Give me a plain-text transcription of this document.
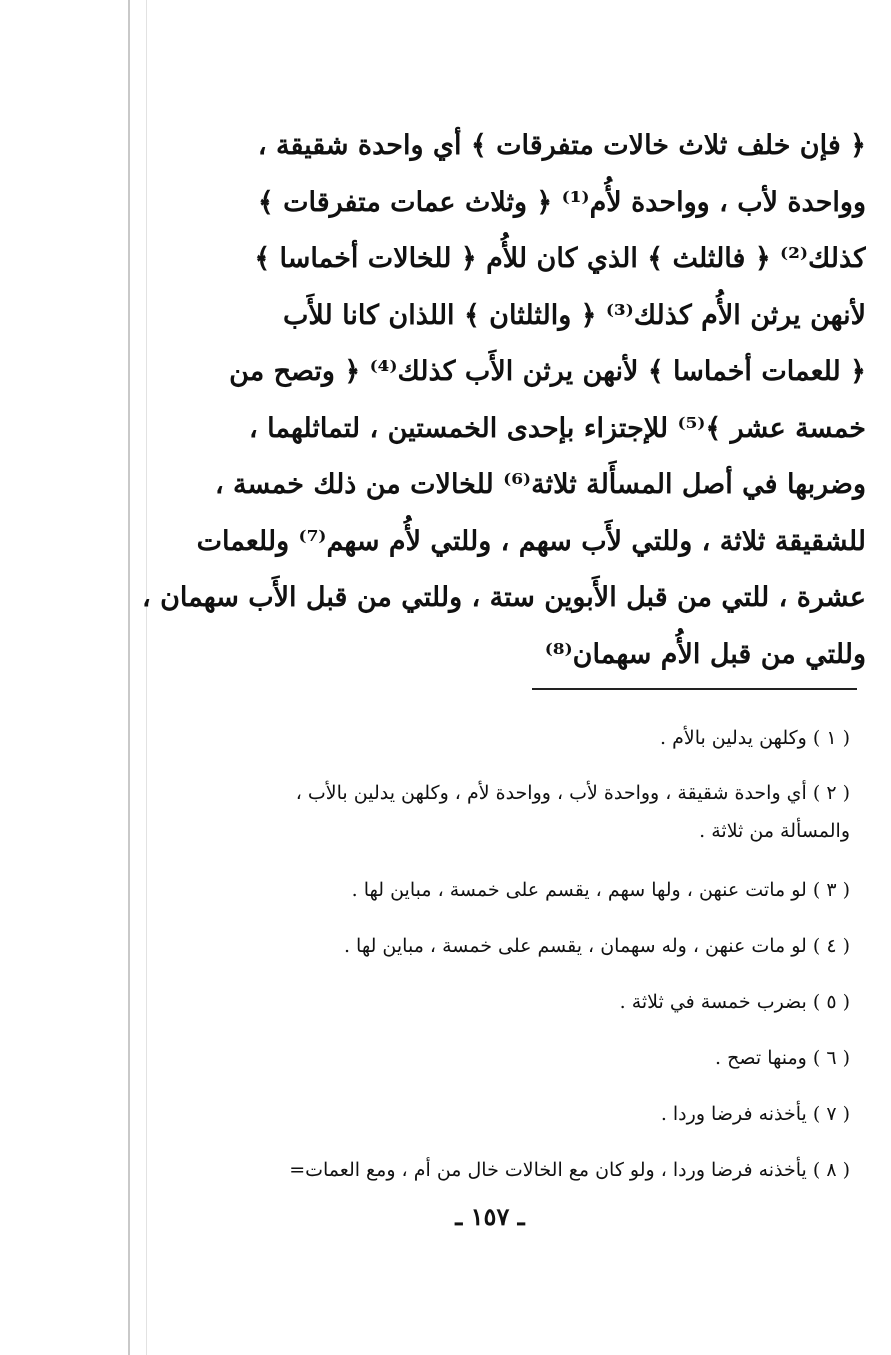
﴿ فإن خلف ثلاث خالات متفرقات ﴾ أي واحدة شقيقة ،
وواحدة لأب ، وواحدة لأُم⁽¹⁾ ﴿ وثلاث عمات متفرقات ﴾
كذلك⁽²⁾ ﴿ فالثلث ﴾ الذي كان للأُم ﴿ للخالات أخماسا ﴾
لأنهن يرثن الأُم كذلك⁽³⁾ ﴿ والثلثان ﴾ اللذان كانا للأَب
﴿ للعمات أخماسا ﴾ لأنهن يرثن الأَب كذلك⁽⁴⁾ ﴿ وتصح من
خمسة عشر ﴾⁽⁵⁾ للإجتزاء بإحدى الخمستين ، لتماثلهما ،
وضربها في أصل المسأَلة ثلاثة⁽⁶⁾ للخالات من ذلك خمسة ،
للشقيقة ثلاثة ، وللتي لأَب سهم ، وللتي لأُم سهم⁽⁷⁾ وللعمات
عشرة ، للتي من قبل الأَبوين ستة ، وللتي من قبل الأَب سهمان ،
وللتي من قبل الأُم سهمان⁽⁸⁾
( ١ ) وكلهن يدلين بالأم .
( ٢ ) أي واحدة شقيقة ، وواحدة لأب ، وواحدة لأم ، وكلهن يدلين بالأب ،
والمسألة من ثلاثة .
( ٣ ) لو ماتت عنهن ، ولها سهم ، يقسم على خمسة ، مباين لها .
( ٤ ) لو مات عنهن ، وله سهمان ، يقسم على خمسة ، مباين لها .
( ٥ ) بضرب خمسة في ثلاثة .
( ٦ ) ومنها تصح .
( ٧ ) يأخذنه فرضا وردا .
( ٨ ) يأخذنه فرضا وردا ، ولو كان مع الخالات خال من أم ، ومع العمات=
ـ ١٥٧ ـ
